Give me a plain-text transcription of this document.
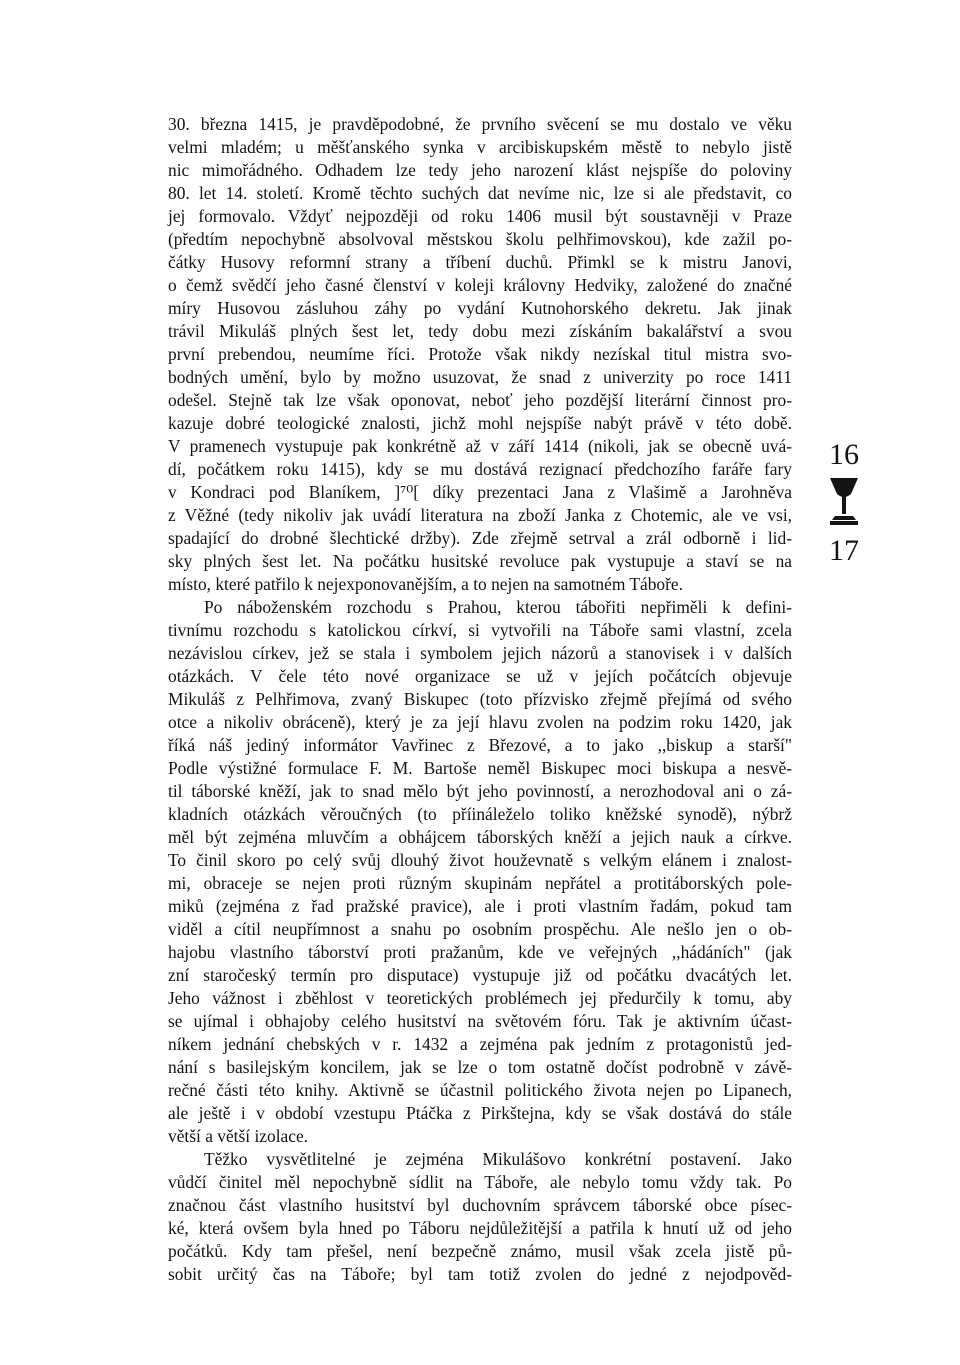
30. března 1415, je pravděpodobné, že prvního svěcení se mu dostalo ve věku
velmi mladém; u měšťanského synka v arcibiskupském městě to nebylo jistě
nic mimořádného. Odhadem lze tedy jeho narození klást nejspíše do poloviny
80. let 14. století. Kromě těchto suchých dat nevíme nic, lze si ale představit, co
jej formovalo. Vždyť nejpozději od roku 1406 musil být soustavněji v Praze
(předtím nepochybně absolvoval městskou školu pelhřimovskou), kde zažil po-
čátky Husovy reformní strany a tříbení duchů. Přimkl se k mistru Janovi,
o čemž svědčí jeho časné členství v koleji královny Hedviky, založené do značné
míry Husovou zásluhou záhy po vydání Kutnohorského dekretu. Jak jinak
trávil Mikuláš plných šest let, tedy dobu mezi získáním bakalářství a svou
první prebendou, neumíme říci. Protože však nikdy nezískal titul mistra svo-
bodných umění, bylo by možno usuzovat, že snad z univerzity po roce 1411
odešel. Stejně tak lze však oponovat, neboť jeho pozdější literární činnost pro-
kazuje dobré teologické znalosti, jichž mohl nejspíše nabýt právě v této době.
V pramenech vystupuje pak konkrétně až v září 1414 (nikoli, jak se obecně uvá-
dí, počátkem roku 1415), kdy se mu dostává rezignací předchozího faráře fary
v Kondraci pod Blaníkem, ]⁷⁰[ díky prezentaci Jana z Vlašimě a Jarohněva
z Věžné (tedy nikoliv jak uvádí literatura na zboží Janka z Chotemic, ale ve vsi,
spadající do drobné šlechtické držby). Zde zřejmě setrval a zrál odborně i lid-
sky plných šest let. Na počátku husitské revoluce pak vystupuje a staví se na
místo, které patřilo k nejexponovanějším, a to nejen na samotném Táboře.
Po náboženském rozchodu s Prahou, kterou tábořiti nepřiměli k defini-
tivnímu rozchodu s katolickou církví, si vytvořili na Táboře sami vlastní, zcela
nezávislou církev, jež se stala i symbolem jejich názorů a stanovisek i v dalších
otázkách. V čele této nové organizace se už v jejích počátcích objevuje
Mikuláš z Pelhřimova, zvaný Biskupec (toto přízvisko zřejmě přejímá od svého
otce a nikoliv obráceně), který je za její hlavu zvolen na podzim roku 1420, jak
říká náš jediný informátor Vavřinec z Březové, a to jako ,,biskup a starší"
Podle výstižné formulace F. M. Bartoše neměl Biskupec moci biskupa a nesvě-
til táborské kněží, jak to snad mělo být jeho povinností, a nerozhodoval ani o zá-
kladních otázkách věroučných (to příináleželo toliko kněžské synodě), nýbrž
měl být zejména mluvčím a obhájcem táborských kněží a jejich nauk a církve.
To činil skoro po celý svůj dlouhý život houževnatě s velkým elánem i znalost-
mi, obraceje se nejen proti různým skupinám nepřátel a protitáborských pole-
miků (zejména z řad pražské pravice), ale i proti vlastním řadám, pokud tam
viděl a cítil neupřímnost a snahu po osobním prospěchu. Ale nešlo jen o ob-
hajobu vlastního táborství proti pražanům, kde ve veřejných ,,hádáních" (jak
zní staročeský termín pro disputace) vystupuje již od počátku dvacátých let.
Jeho vážnost i zběhlost v teoretických problémech jej předurčily k tomu, aby
se ujímal i obhajoby celého husitství na světovém fóru. Tak je aktivním účast-
níkem jednání chebských v r. 1432 a zejména pak jedním z protagonistů jed-
nání s basilejským koncilem, jak se lze o tom ostatně dočíst podrobně v závě-
rečné části této knihy. Aktivně se účastnil politického života nejen po Lipanech,
ale ještě i v období vzestupu Ptáčka z Pirkštejna, kdy se však dostává do stále
větší a větší izolace.
Těžko vysvětlitelné je zejména Mikulášovo konkrétní postavení. Jako
vůdčí činitel měl nepochybně sídlit na Táboře, ale nebylo tomu vždy tak. Po
značnou část vlastního husitství byl duchovním správcem táborské obce písec-
ké, která ovšem byla hned po Táboru nejdůležitější a patřila k hnutí už od jeho
počátků. Kdy tam přešel, není bezpečně známo, musil však zcela jistě pů-
sobit určitý čas na Táboře; byl tam totiž zvolen do jedné z nejodpověd-
16
17
